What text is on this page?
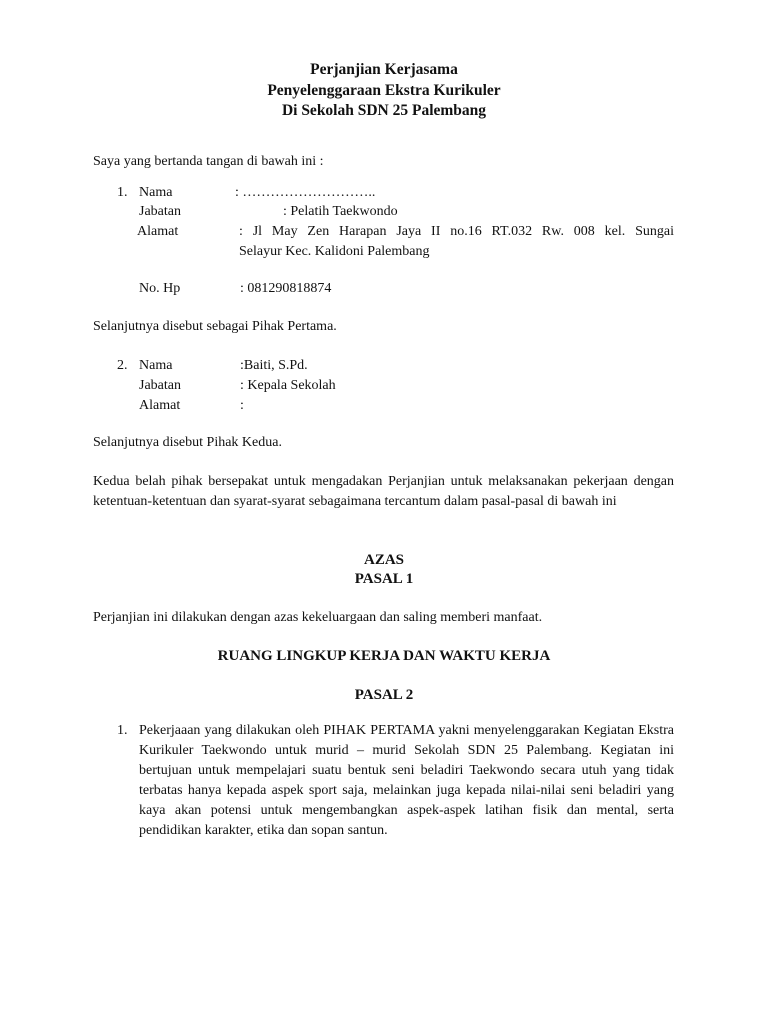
Perjanjian Kerjasama
Penyelenggaraan Ekstra Kurikuler
Di Sekolah SDN 25 Palembang
Saya yang bertanda tangan di bawah ini :
1. Nama	: ………………………..
Jabatan	: Pelatih Taekwondo
Alamat	: Jl May Zen Harapan Jaya II no.16 RT.032 Rw. 008 kel. Sungai
Selayur Kec. Kalidoni Palembang
No. Hp	: 081290818874
Selanjutnya disebut sebagai Pihak Pertama.
2. Nama	:Baiti, S.Pd.
Jabatan	: Kepala Sekolah
Alamat	:
Selanjutnya disebut Pihak Kedua.
Kedua belah pihak bersepakat untuk mengadakan Perjanjian untuk melaksanakan pekerjaan dengan ketentuan-ketentuan dan syarat-syarat sebagaimana tercantum dalam pasal-pasal di bawah ini
AZAS
PASAL 1
Perjanjian ini dilakukan dengan azas kekeluargaan dan saling memberi manfaat.
RUANG LINGKUP KERJA DAN WAKTU KERJA
PASAL 2
1. Pekerjaaan yang dilakukan oleh PIHAK PERTAMA yakni menyelenggarakan Kegiatan Ekstra Kurikuler Taekwondo untuk murid – murid Sekolah SDN 25 Palembang. Kegiatan ini bertujuan untuk mempelajari suatu bentuk seni beladiri Taekwondo secara utuh yang tidak terbatas hanya kepada aspek sport saja, melainkan juga kepada nilai-nilai seni beladiri yang kaya akan potensi untuk mengembangkan aspek-aspek latihan fisik dan mental, serta pendidikan karakter, etika dan sopan santun.
